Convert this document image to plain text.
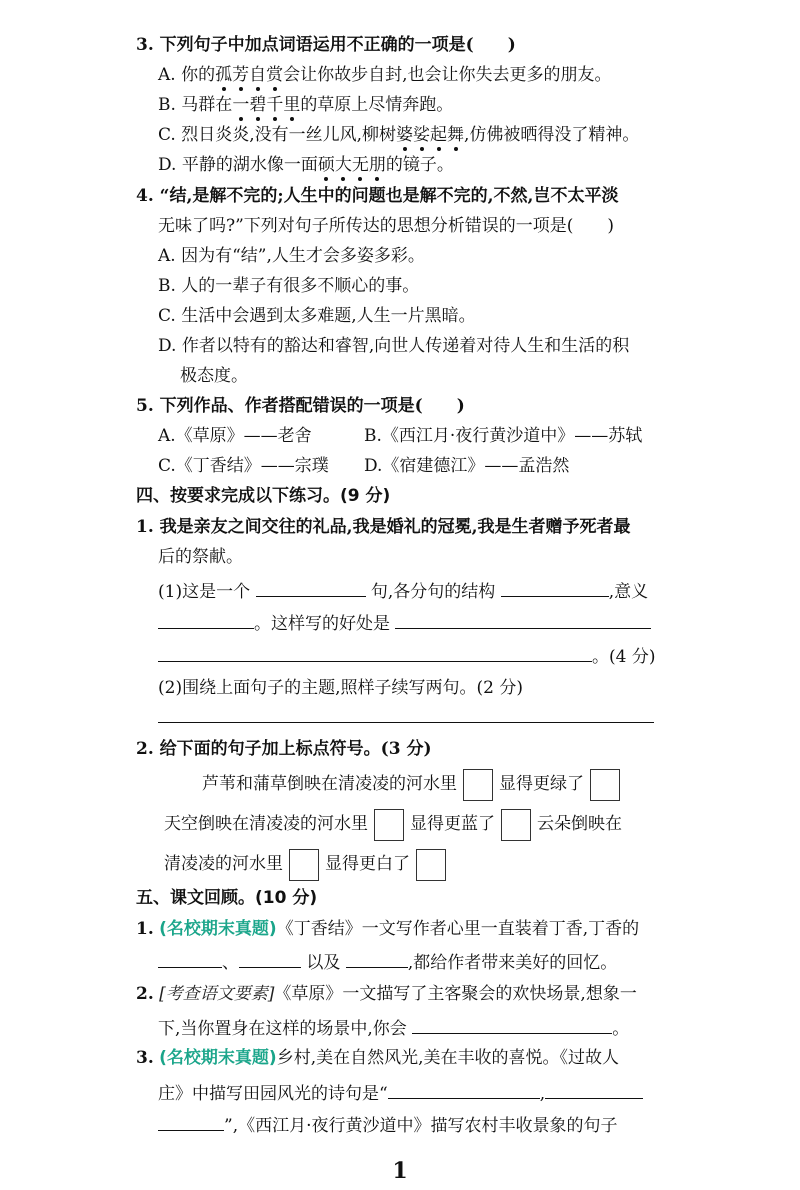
3. 下列句子中加点词语运用不正确的一项是(　　)
A. 你的孤芳自赏会让你故步自封,也会让你失去更多的朋友。
B. 马群在一碧千里的草原上尽情奔跑。
C. 烈日炎炎,没有一丝儿风,柳树婆娑起舞,仿佛被晒得没了精神。
D. 平静的湖水像一面硕大无朋的镜子。
4. “结,是解不完的;人生中的问题也是解不完的,不然,岂不太平淡
无味了吗?”下列对句子所传达的思想分析错误的一项是(　　)
A. 因为有“结”,人生才会多姿多彩。
B. 人的一辈子有很多不顺心的事。
C. 生活中会遇到太多难题,人生一片黑暗。
D. 作者以特有的豁达和睿智,向世人传递着对待人生和生活的积
极态度。
5. 下列作品、作者搭配错误的一项是(　　)
A.《草原》——老舍	B.《西江月·夜行黄沙道中》——苏轼
C.《丁香结》——宗璞 D.《宿建德江》——孟浩然
四、按要求完成以下练习。(9 分)
1. 我是亲友之间交往的礼品,我是婚礼的冠冕,我是生者赠予死者最
后的祭献。
(1)这是一个	句,各分句的结构	,意义
。这样写的好处是
。(4 分)
(2)围绕上面句子的主题,照样子续写两句。(2 分)
2. 给下面的句子加上标点符号。(3 分)
芦苇和蒲草倒映在清凌凌的河水里 显得更绿了
天空倒映在清凌凌的河水里 显得更蓝了 云朵倒映在
清凌凌的河水里 显得更白了
五、课文回顾。(10 分)
1. (名校期末真题)《丁香结》一文写作者心里一直装着丁香,丁香的
、	以及	,都给作者带来美好的回忆。
2. [考查语文要素]《草原》一文描写了主客聚会的欢快场景,想象一
下,当你置身在这样的场景中,你会	。
3. (名校期末真题)乡村,美在自然风光,美在丰收的喜悦。《过故人
庄》中描写田园风光的诗句是“	,
”,《西江月·夜行黄沙道中》描写农村丰收景象的句子
1
